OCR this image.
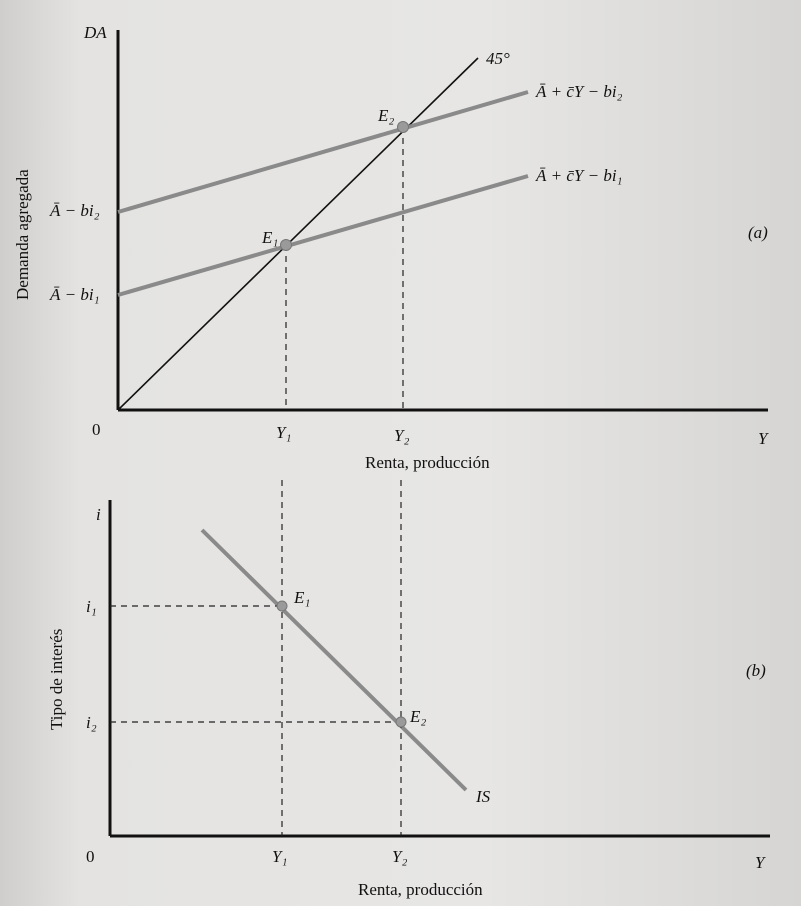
DA
Demanda agregada
Y
Renta, producción
0
45°
Ā + c̄Y − bi₂
Ā + c̄Y − bi₁
Ā − bi₂
Ā − bi₁
E₁
E₂
Y₁	Y₂
(a)
i
Tipo de interés
Y
Renta, producción
0
i₁
i₂
E₁
E₂
Y₁	Y₂
IS
(b)
